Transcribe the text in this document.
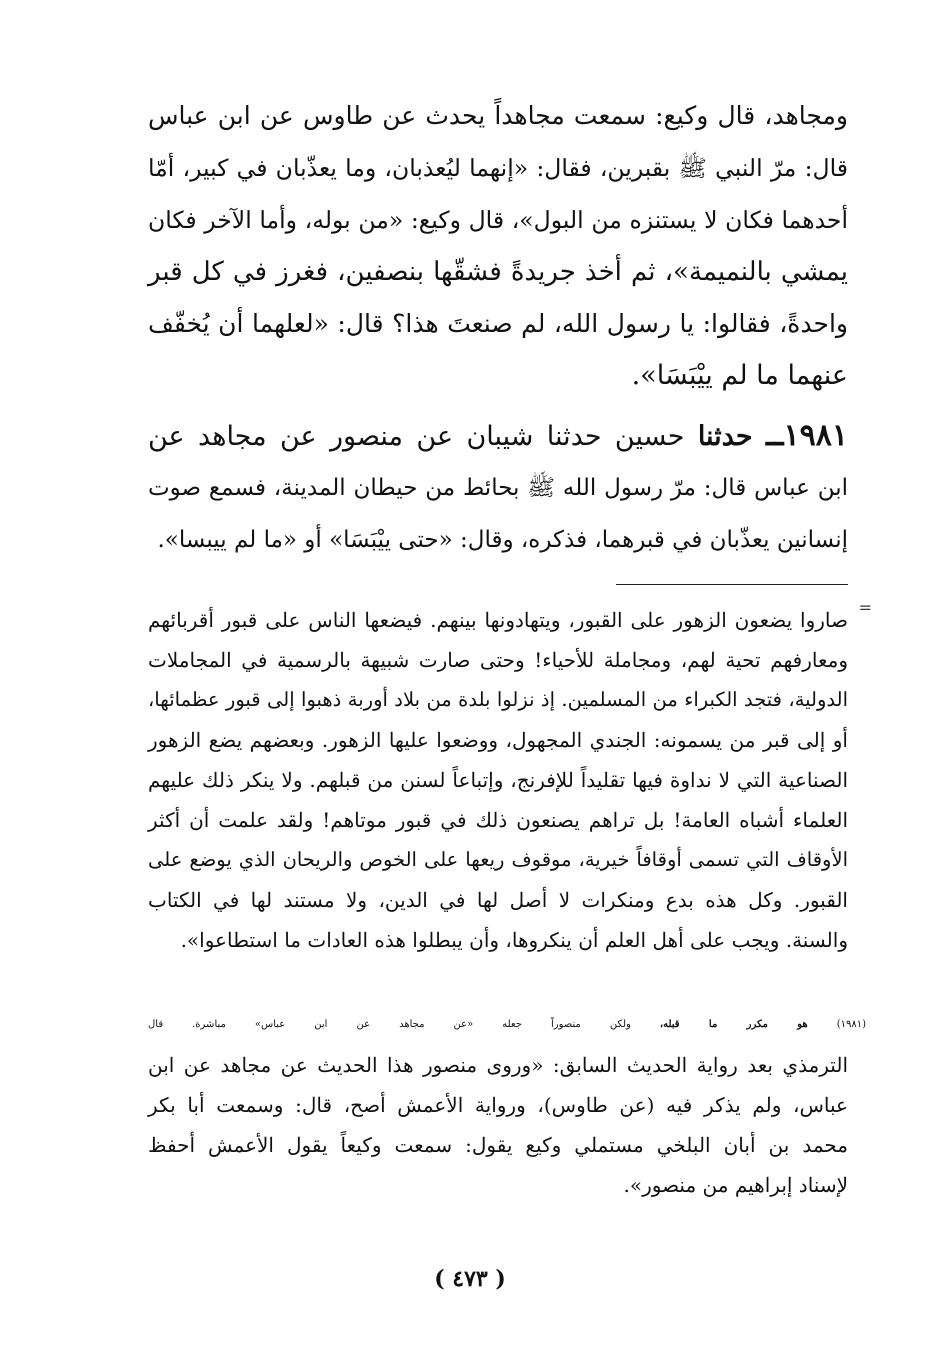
ومجاهد، قال وكيع: سمعت مجاهداً يحدث عن طاوس عن ابن عباس
قال: مرّ النبي ﷺ بقبرين، فقال: «إنهما ليُعذبان، وما يعذّبان في كبير، أمّا
أحدهما فكان لا يستنزه من البول»، قال وكيع: «من بوله، وأما الآخر فكان
يمشي بالنميمة»، ثم أخذ جريدةً فشقّها بنصفين، فغرز في كل قبر
واحدةً، فقالوا: يا رسول الله، لم صنعتَ هذا؟ قال: «لعلهما أن يُخفّف
عنهما ما لم ييْبَسَا».
١٩٨١ــ حدثنا حسين حدثنا شيبان عن منصور عن مجاهد عن
ابن عباس قال: مرّ رسول الله ﷺ بحائط من حيطان المدينة، فسمع صوت
إنسانين يعذّبان في قبرهما، فذكره، وقال: «حتى ييْبَسَا» أو «ما لم ييبسا».
=
صاروا يضعون الزهور على القبور، ويتهادونها بينهم. فيضعها الناس على قبور أقربائهم
ومعارفهم تحية لهم، ومجاملة للأحياء! وحتى صارت شبيهة بالرسمية في المجاملات
الدولية، فتجد الكبراء من المسلمين. إذ نزلوا بلدة من بلاد أوربة ذهبوا إلى قبور عظمائها،
أو إلى قبر من يسمونه: الجندي المجهول، ووضعوا عليها الزهور. وبعضهم يضع الزهور
الصناعية التي لا نداوة فيها تقليداً للإفرنج، وإتباعاً لسنن من قبلهم. ولا ينكر ذلك عليهم
العلماء أشباه العامة! بل تراهم يصنعون ذلك في قبور موتاهم! ولقد علمت أن أكثر
الأوقاف التي تسمى أوقافاً خيرية، موقوف ريعها على الخوص والريحان الذي يوضع على
القبور. وكل هذه بدع ومنكرات لا أصل لها في الدين، ولا مستند لها في الكتاب
والسنة. ويجب على أهل العلم أن ينكروها، وأن يبطلوا هذه العادات ما استطاعوا».
(١٩٨١) هو مكرر ما قبله، ولكن منصوراً جعله «عن مجاهد عن ابن عباس» مباشرة. قال
الترمذي بعد رواية الحديث السابق: «وروى منصور هذا الحديث عن مجاهد عن ابن
عباس، ولم يذكر فيه (عن طاوس)، ورواية الأعمش أصح، قال: وسمعت أبا بكر
محمد بن أبان البلخي مستملي وكيع يقول: سمعت وكيعاً يقول الأعمش أحفظ
لإسناد إبراهيم من منصور».
( ٤٧٣ )
